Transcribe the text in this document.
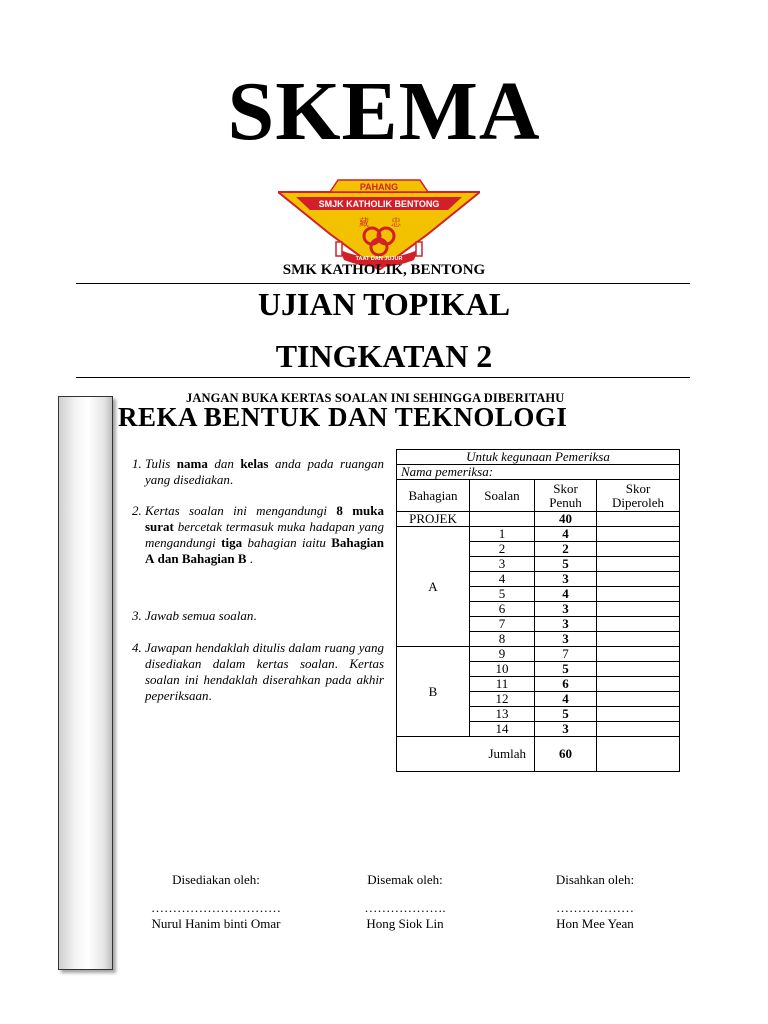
SKEMA
PAHANG
SMJK KATHOLIK BENTONG
藏 忠
TAAT DAN JUJUR
SMK KATHOLIK, BENTONG
UJIAN TOPIKAL
TINGKATAN 2
JANGAN BUKA KERTAS SOALAN INI SEHINGGA DIBERITAHU
REKA BENTUK DAN TEKNOLOGI
1. Tulis nama dan kelas anda pada ruangan yang disediakan.
2. Kertas soalan ini mengandungi 8 muka surat bercetak termasuk muka hadapan yang mengandungi tiga bahagian iaitu Bahagian A dan Bahagian B .
3. Jawab semua soalan.
4. Jawapan hendaklah ditulis dalam ruang yang disediakan dalam kertas soalan. Kertas soalan ini hendaklah diserahkan pada akhir peperiksaan.
Untuk kegunaan Pemeriksa			
Nama pemeriksa:			
Bahagian	Soalan	Skor Penuh	Skor Diperoleh
PROJEK		40	
A	1	4	
	2	2	
	3	5	
	4	3	
	5	4	
	6	3	
	7	3	
	8	3	
B	9	7	
	10	5	
	11	6	
	12	4	
	13	5	
	14	3	
Jumlah		60	
Disediakan oleh:
…………………………
Nurul Hanim binti Omar
Disemak oleh:
……………….
Hong Siok Lin
Disahkan oleh:
………………
Hon Mee Yean
